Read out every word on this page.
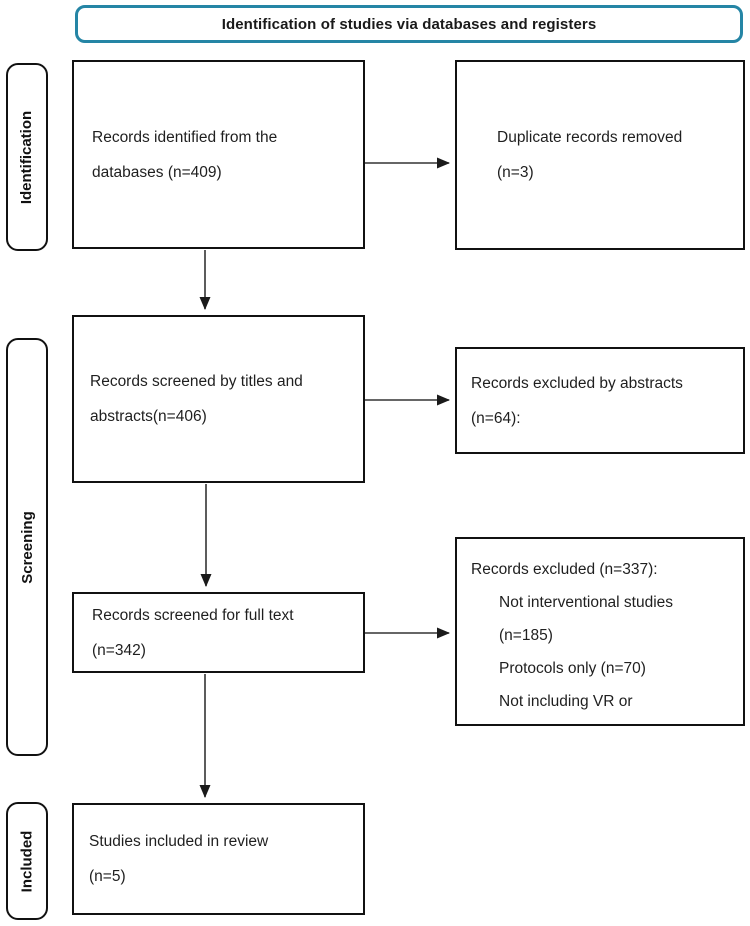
Identification of studies via databases and registers
Identification
Screening
Included
Records identified from the
databases (n=409)
Duplicate records removed
(n=3)
Records screened by titles and
abstracts(n=406)
Records excluded by abstracts
(n=64):
Records screened for full text
(n=342)
Records excluded (n=337):
Not interventional studies
(n=185)
Protocols only (n=70)
Not including VR or
Studies included in review
(n=5)
